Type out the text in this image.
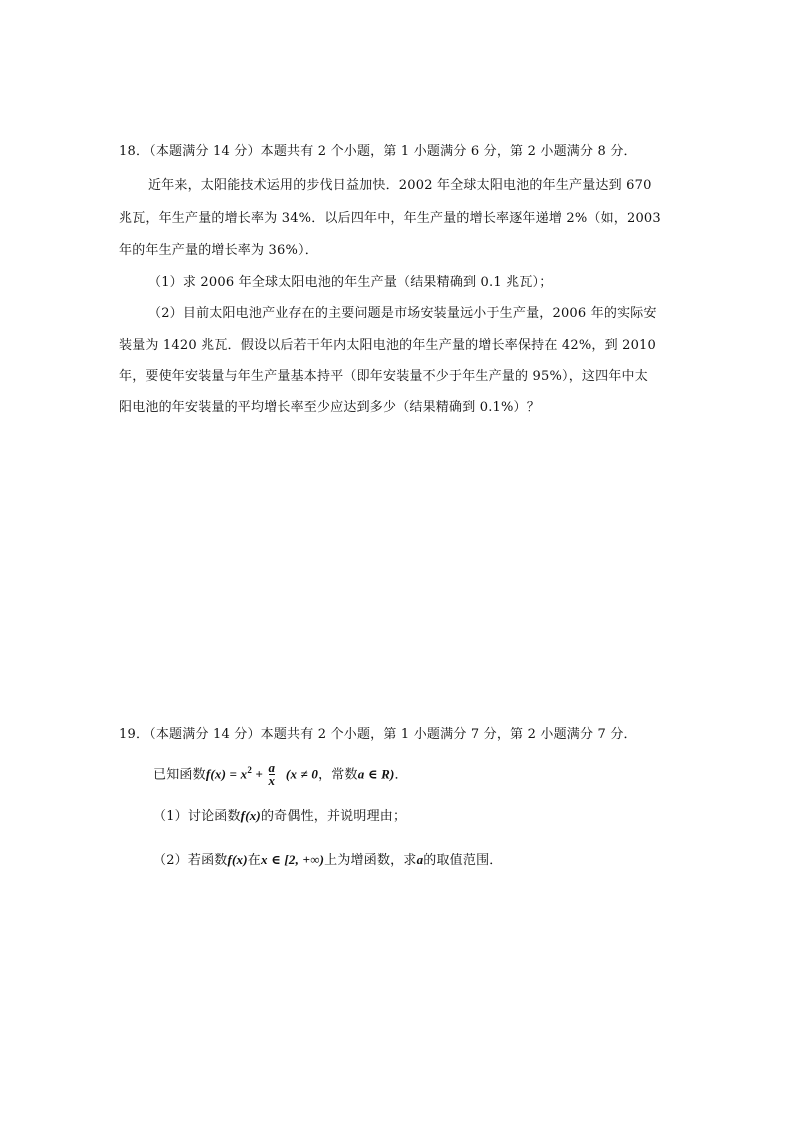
18．（本题满分 14 分）本题共有 2 个小题，第 1 小题满分 6 分，第 2 小题满分 8 分．
近年来，太阳能技术运用的步伐日益加快．2002 年全球太阳电池的年生产量达到 670
兆瓦，年生产量的增长率为 34%．以后四年中，年生产量的增长率逐年递增 2%（如，2003
年的年生产量的增长率为 36%）．
（1）求 2006 年全球太阳电池的年生产量（结果精确到 0.1 兆瓦）；
（2）目前太阳电池产业存在的主要问题是市场安装量远小于生产量，2006 年的实际安
装量为 1420 兆瓦．假设以后若干年内太阳电池的年生产量的增长率保持在 42%，到 2010
年，要使年安装量与年生产量基本持平（即年安装量不少于年生产量的 95%），这四年中太
阳电池的年安装量的平均增长率至少应达到多少（结果精确到 0.1%）？
19．（本题满分 14 分）本题共有 2 个小题，第 1 小题满分 7 分，第 2 小题满分 7 分．
已知函数$f(x) = x^2 + \frac{a}{x} (x \ne 0$，常数a ∈ R)．
（1）讨论函数f(x)的奇偶性，并说明理由；
（2）若函数f(x)在x ∈ [2, +∞)上为增函数，求a的取值范围．
